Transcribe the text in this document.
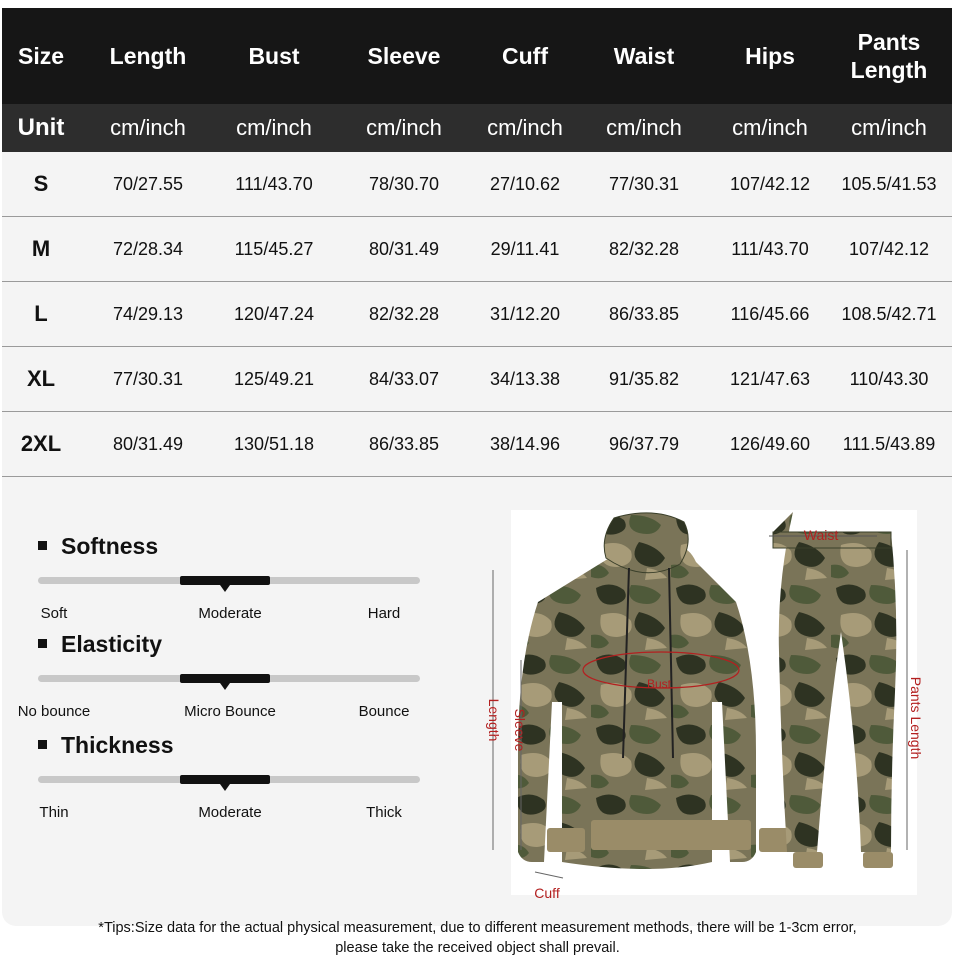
Size	Length	Bust	Sleeve	Cuff	Waist	Hips	Pants Length
Unit	cm/inch	cm/inch	cm/inch	cm/inch	cm/inch	cm/inch	cm/inch
S	70/27.55	111/43.70	78/30.70	27/10.62	77/30.31	107/42.12	105.5/41.53
M	72/28.34	115/45.27	80/31.49	29/11.41	82/32.28	111/43.70	107/42.12
L	74/29.13	120/47.24	82/32.28	31/12.20	86/33.85	116/45.66	108.5/42.71
XL	77/30.31	125/49.21	84/33.07	34/13.38	91/35.82	121/47.63	110/43.30
2XL	80/31.49	130/51.18	86/33.85	38/14.96	96/37.79	126/49.60	111.5/43.89
Softness
Soft	Moderate	Hard
Elasticity
No bounce	Micro Bounce	Bounce
Thickness
Thin	Moderate	Thick
Waist
Bust
Length Sleeve	Pants Length
Cuff
*Tips:Size data for the actual physical measurement, due to different measurement methods, there will be 1-3cm error,
please take the received object shall prevail.
